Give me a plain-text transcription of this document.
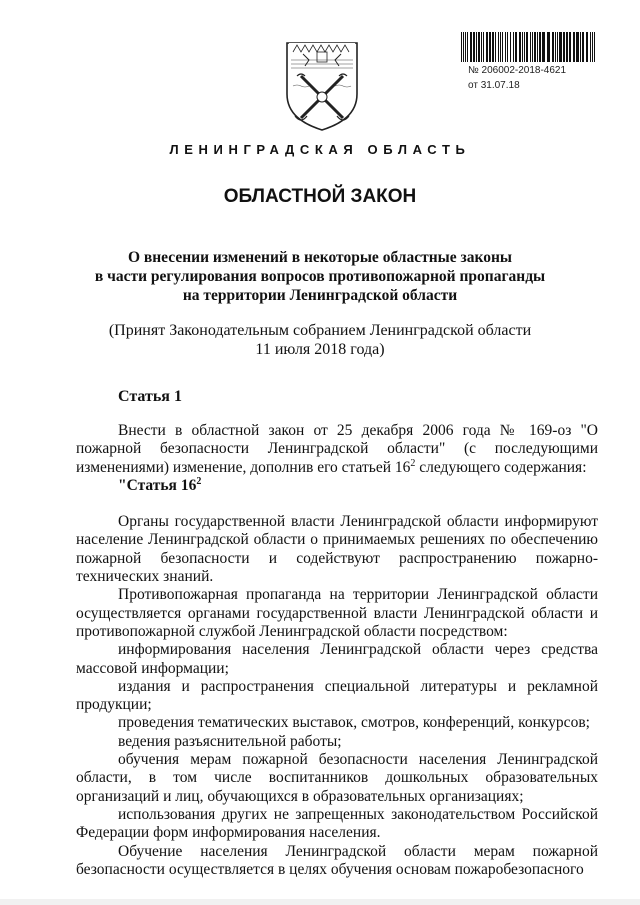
№ 206002-2018-4621
от 31.07.18
ЛЕНИНГРАДСКАЯ ОБЛАСТЬ
ОБЛАСТНОЙ ЗАКОН
О внесении изменений в некоторые областные законы
в части регулирования вопросов противопожарной пропаганды
на территории Ленинградской области
(Принят Законодательным собранием Ленинградской области
11 июля 2018 года)
Статья 1

Внести в областной закон от 25 декабря 2006 года № 169-оз "О пожарной безопасности Ленинградской области" (с последующими изменениями) изменение, дополнив его статьей $16^2$ следующего содержания:

"Статья $16^2$

Органы государственной власти Ленинградской области информируют население Ленинградской области о принимаемых решениях по обеспечению пожарной безопасности и содействуют распространению пожарно-технических знаний.

Противопожарная пропаганда на территории Ленинградской области осуществляется органами государственной власти Ленинградской области и противопожарной службой Ленинградской области посредством:

информирования населения Ленинградской области через средства массовой информации;

издания и распространения специальной литературы и рекламной продукции;

проведения тематических выставок, смотров, конференций, конкурсов;

ведения разъяснительной работы;

обучения мерам пожарной безопасности населения Ленинградской области, в том числе воспитанников дошкольных образовательных организаций и лиц, обучающихся в образовательных организациях;

использования других не запрещенных законодательством Российской Федерации форм информирования населения.

Обучение населения Ленинградской области мерам пожарной безопасности осуществляется в целях обучения основам пожаробезопасного
